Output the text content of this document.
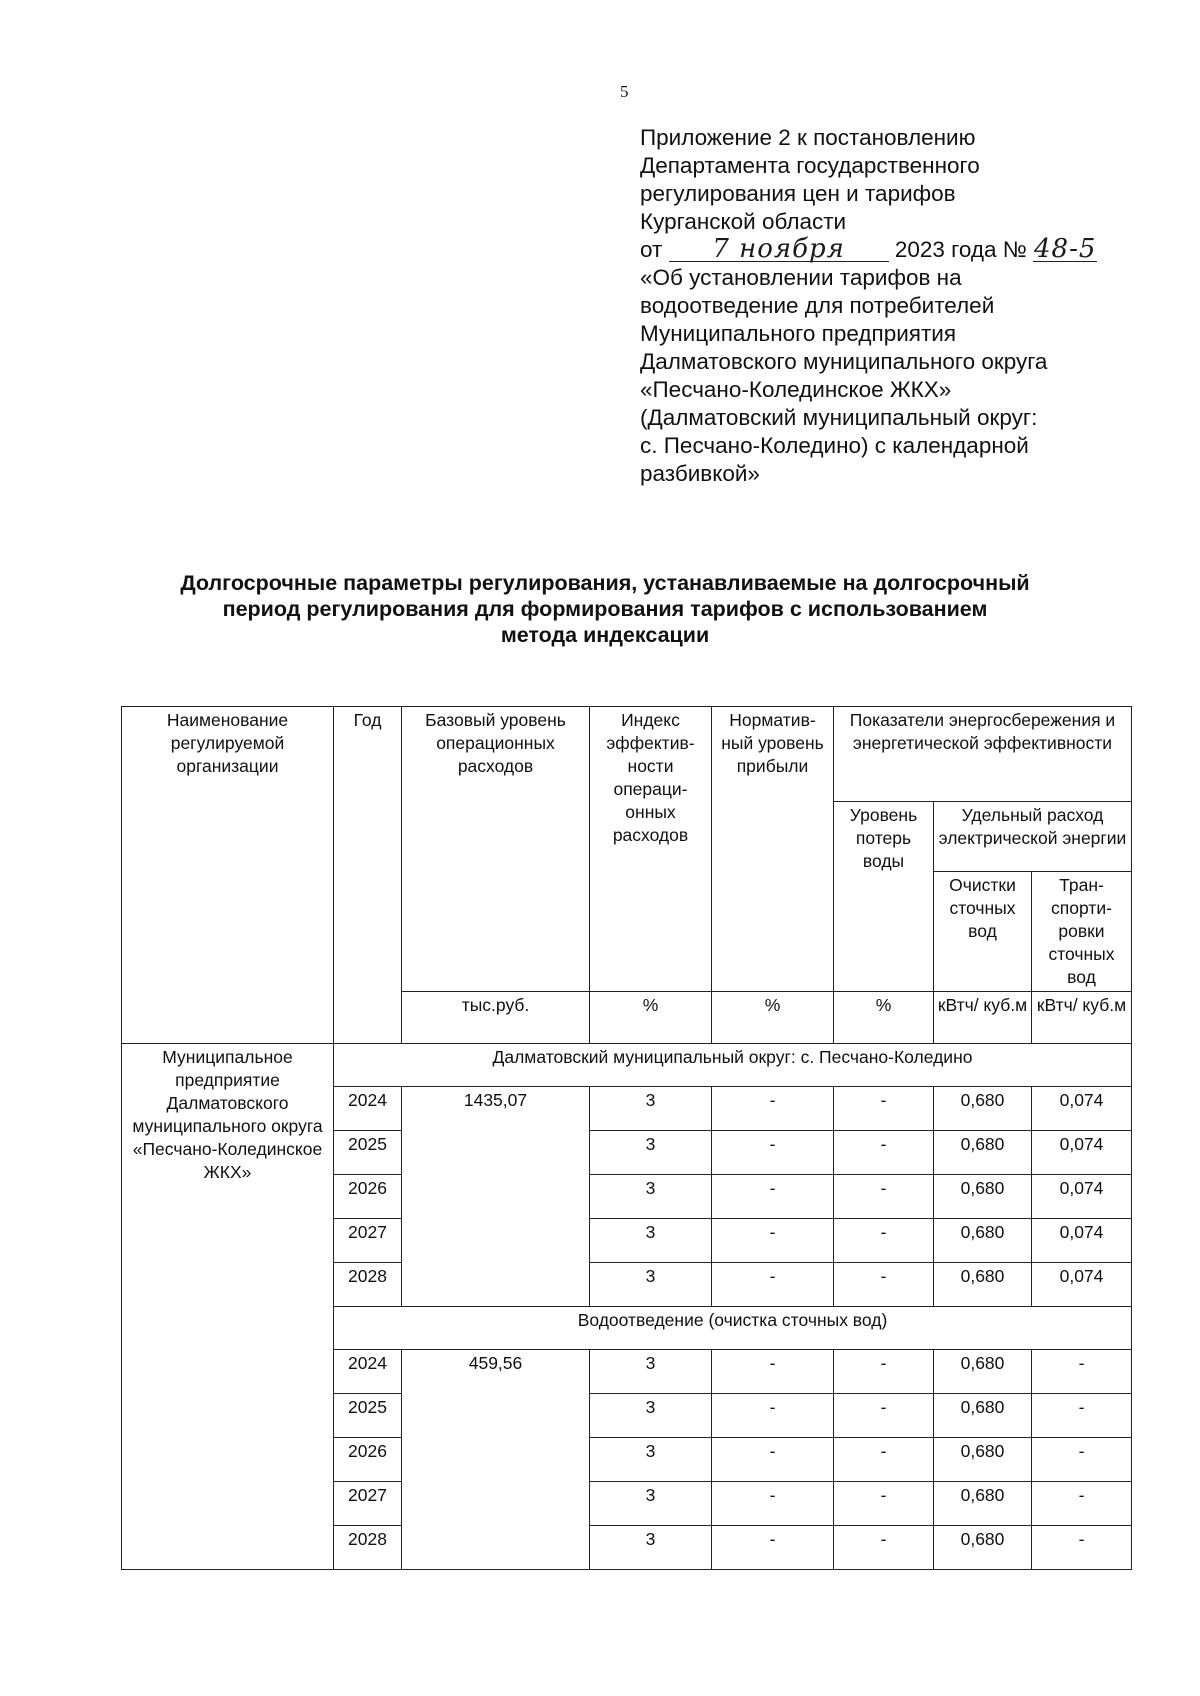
5
Приложение 2 к постановлению
Департамента государственного
регулирования цен и тарифов
Курганской области
от 7 ноября 2023 года № 48-5
«Об установлении тарифов на
водоотведение для потребителей
Муниципального предприятия
Далматовского муниципального округа
«Песчано-Колединское ЖКХ»
(Далматовский муниципальный округ:
с. Песчано-Коледино) с календарной
разбивкой»
Долгосрочные параметры регулирования, устанавливаемые на долгосрочный
период регулирования для формирования тарифов с использованием
метода индексации
Наименование регулируемой организации	Год	Базовый уровень операционных расходов	Индекс эффектив-ности операци-онных расходов	Норматив-ный уровень прибыли	Показатели энергосбережения и энергетической эффективности		
					Уровень потерь воды	Удельный расход электрической энергии	
						Очистки сточных вод	Тран-спорти-ровки сточных вод
		тыс.руб.	%	%	%	кВтч/ куб.м	кВтч/ куб.м
Муниципальное предприятие Далматовского муниципального округа «Песчано-Колединское ЖКХ»	Далматовский муниципальный округ: с. Песчано-Коледино						
	2024	1435,07	3	-	-	0,680	0,074
	2025		3	-	-	0,680	0,074
	2026		3	-	-	0,680	0,074
	2027		3	-	-	0,680	0,074
	2028		3	-	-	0,680	0,074
	Водоотведение (очистка сточных вод)						
	2024	459,56	3	-	-	0,680	-
	2025		3	-	-	0,680	-
	2026		3	-	-	0,680	-
	2027		3	-	-	0,680	-
	2028		3	-	-	0,680	-
